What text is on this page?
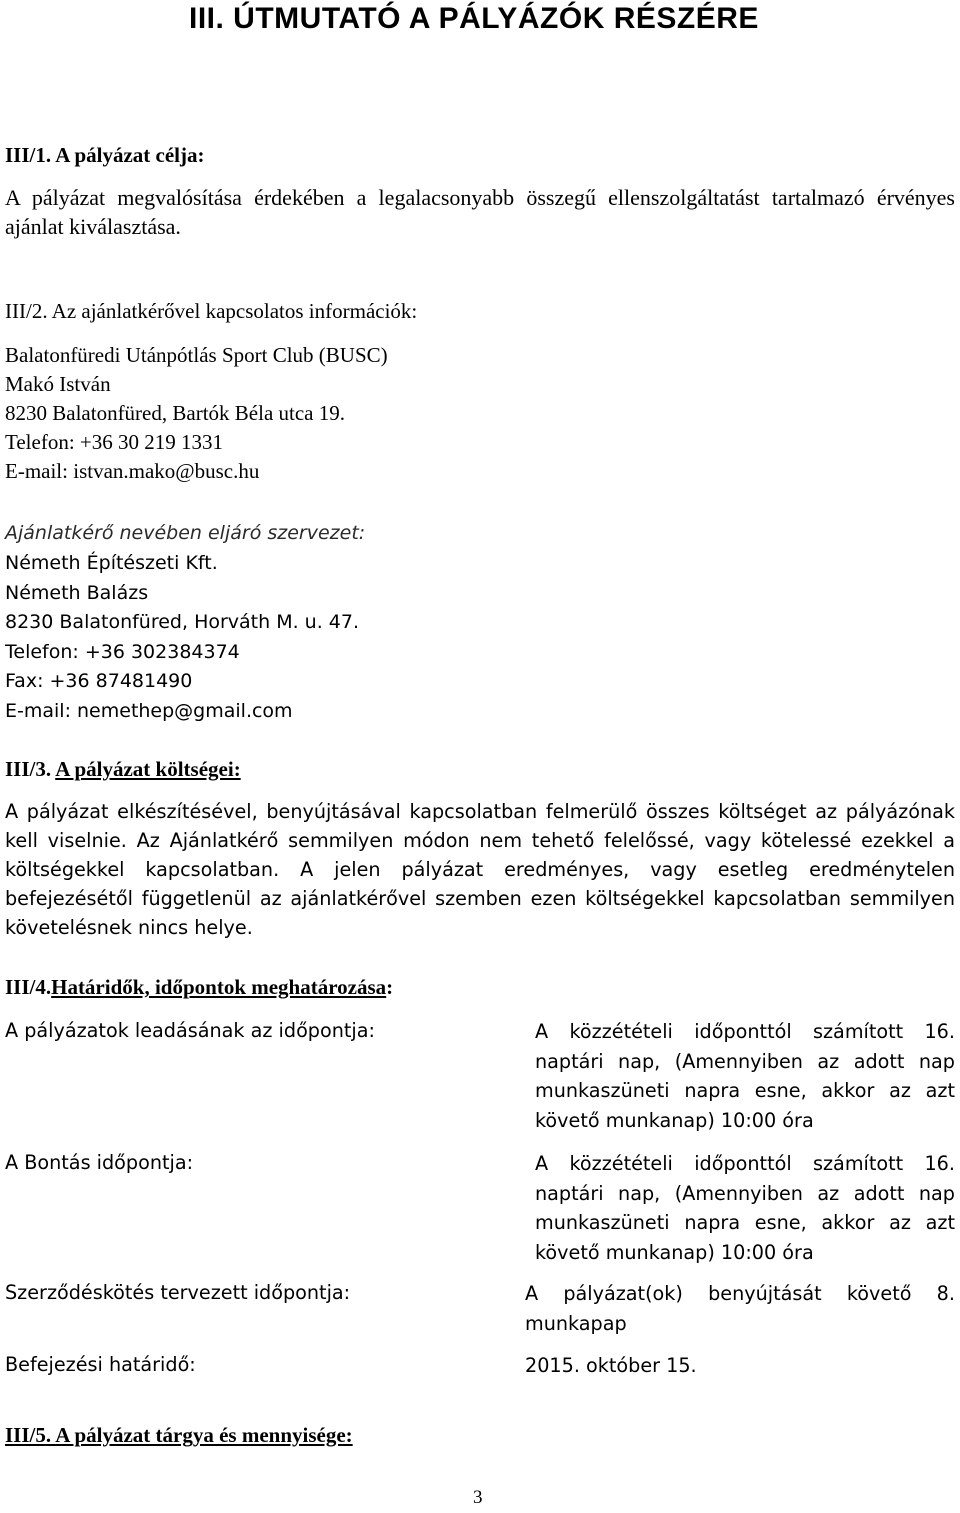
III. ÚTMUTATÓ A PÁLYÁZÓK RÉSZÉRE
III/1. A pályázat célja:
A pályázat megvalósítása érdekében a legalacsonyabb összegű ellenszolgáltatást tartalmazó érvényes ajánlat kiválasztása.
III/2. Az ajánlatkérővel kapcsolatos információk:
Balatonfüredi Utánpótlás Sport Club (BUSC)
Makó István
8230 Balatonfüred, Bartók Béla utca 19.
Telefon: +36 30 219 1331
E-mail: istvan.mako@busc.hu
Ajánlatkérő nevében eljáró szervezet:
Németh Építészeti Kft.
Németh Balázs
8230 Balatonfüred, Horváth M. u. 47.
Telefon: +36 302384374
Fax: +36 87481490
E-mail: nemethep@gmail.com
III/3. A pályázat költségei:
A pályázat elkészítésével, benyújtásával kapcsolatban felmerülő összes költséget az pályázónak kell viselnie. Az Ajánlatkérő semmilyen módon nem tehető felelőssé, vagy kötelessé ezekkel a költségekkel kapcsolatban. A jelen pályázat eredményes, vagy esetleg eredménytelen befejezésétől függetlenül az ajánlatkérővel szemben ezen költségekkel kapcsolatban semmilyen követelésnek nincs helye.
III/4.Határidők, időpontok meghatározása:
A pályázatok leadásának az időpontja:	A közzétételi időponttól számított 16. naptári nap, (Amennyiben az adott nap munkaszüneti napra esne, akkor az azt követő munkanap) 10:00 óra
A Bontás időpontja:	A közzétételi időponttól számított 16. naptári nap, (Amennyiben az adott nap munkaszüneti napra esne, akkor az azt követő munkanap) 10:00 óra
Szerződéskötés tervezett időpontja:	A pályázat(ok) benyújtását követő 8. munkapap
Befejezési határidő:	2015. október 15.
III/5. A pályázat tárgya és mennyisége:
3
